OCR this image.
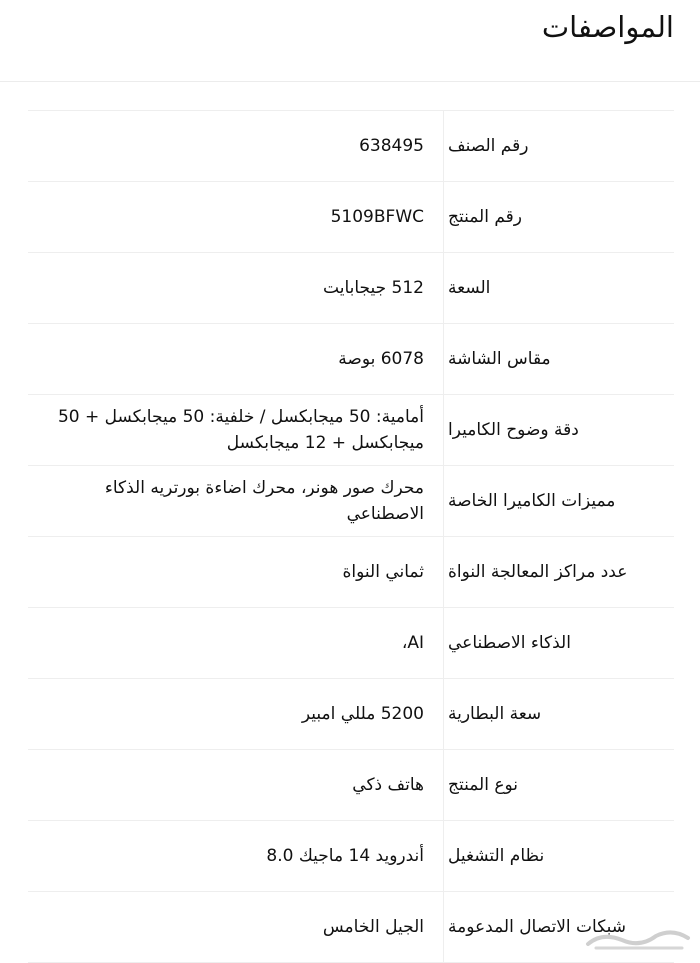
المواصفات
رقم الصنف
638495
رقم المنتج
5109BFWC
السعة
512 جيجابايت
مقاس الشاشة
6078 بوصة
دقة وضوح الكاميرا
أمامية: 50 ميجابكسل / خلفية: 50 ميجابكسل + 50 ميجابكسل + 12 ميجابكسل
مميزات الكاميرا الخاصة
محرك صور هونر، محرك اضاءة بورتريه الذكاء الاصطناعي
عدد مراكز المعالجة النواة
ثماني النواة
الذكاء الاصطناعي
AI،
سعة البطارية
5200 مللي امبير
نوع المنتج
هاتف ذكي
نظام التشغيل
أندرويد 14 ماجيك 8.0
شبكات الاتصال المدعومة
الجيل الخامس
